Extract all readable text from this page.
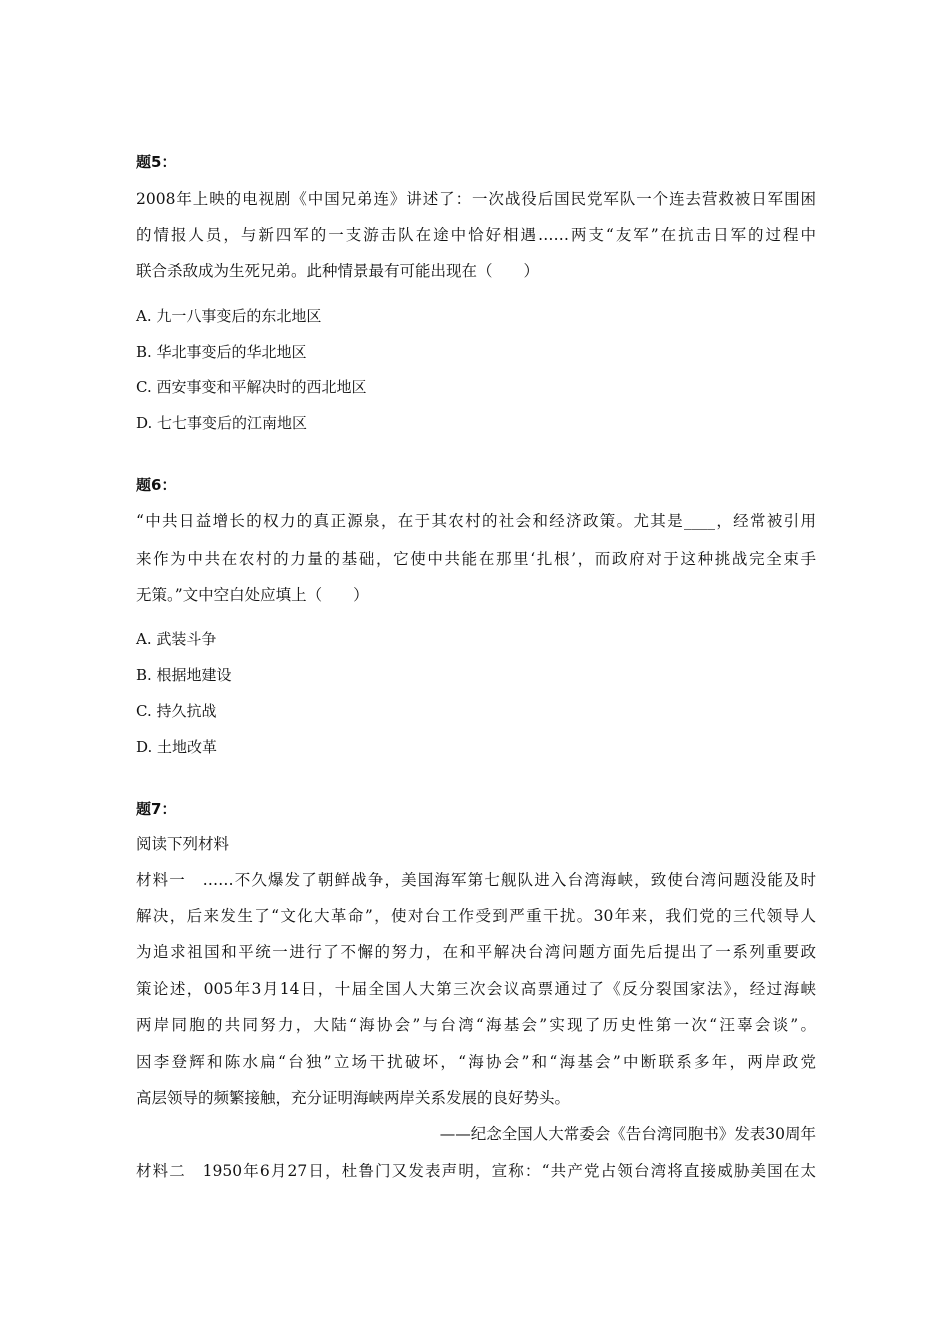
题5：
2008年上映的电视剧《中国兄弟连》讲述了：一次战役后国民党军队一个连去营救被日军围困
的情报人员，与新四军的一支游击队在途中恰好相遇……两支“友军”在抗击日军的过程中
联合杀敌成为生死兄弟。此种情景最有可能出现在（　　）
A. 九一八事变后的东北地区
B. 华北事变后的华北地区
C. 西安事变和平解决时的西北地区
D. 七七事变后的江南地区
题6：
“中共日益增长的权力的真正源泉，在于其农村的社会和经济政策。尤其是____，经常被引用
来作为中共在农村的力量的基础，它使中共能在那里‘扎根’，而政府对于这种挑战完全束手
无策。”文中空白处应填上（　　）
A. 武装斗争
B. 根据地建设
C. 持久抗战
D. 土地改革
题7：
阅读下列材料
材料一　……不久爆发了朝鲜战争，美国海军第七舰队进入台湾海峡，致使台湾问题没能及时
解决，后来发生了“文化大革命”，使对台工作受到严重干扰。30年来，我们党的三代领导人
为追求祖国和平统一进行了不懈的努力，在和平解决台湾问题方面先后提出了一系列重要政
策论述，005年3月14日，十届全国人大第三次会议高票通过了《反分裂国家法》，经过海峡
两岸同胞的共同努力，大陆“海协会”与台湾“海基会”实现了历史性第一次“汪辜会谈”。
因李登辉和陈水扁“台独”立场干扰破坏，“海协会”和“海基会”中断联系多年，两岸政党
高层领导的频繁接触，充分证明海峡两岸关系发展的良好势头。
——纪念全国人大常委会《告台湾同胞书》发表30周年
材料二　1950年6月27日，杜鲁门又发表声明，宣称：“共产党占领台湾将直接威胁美国在太
